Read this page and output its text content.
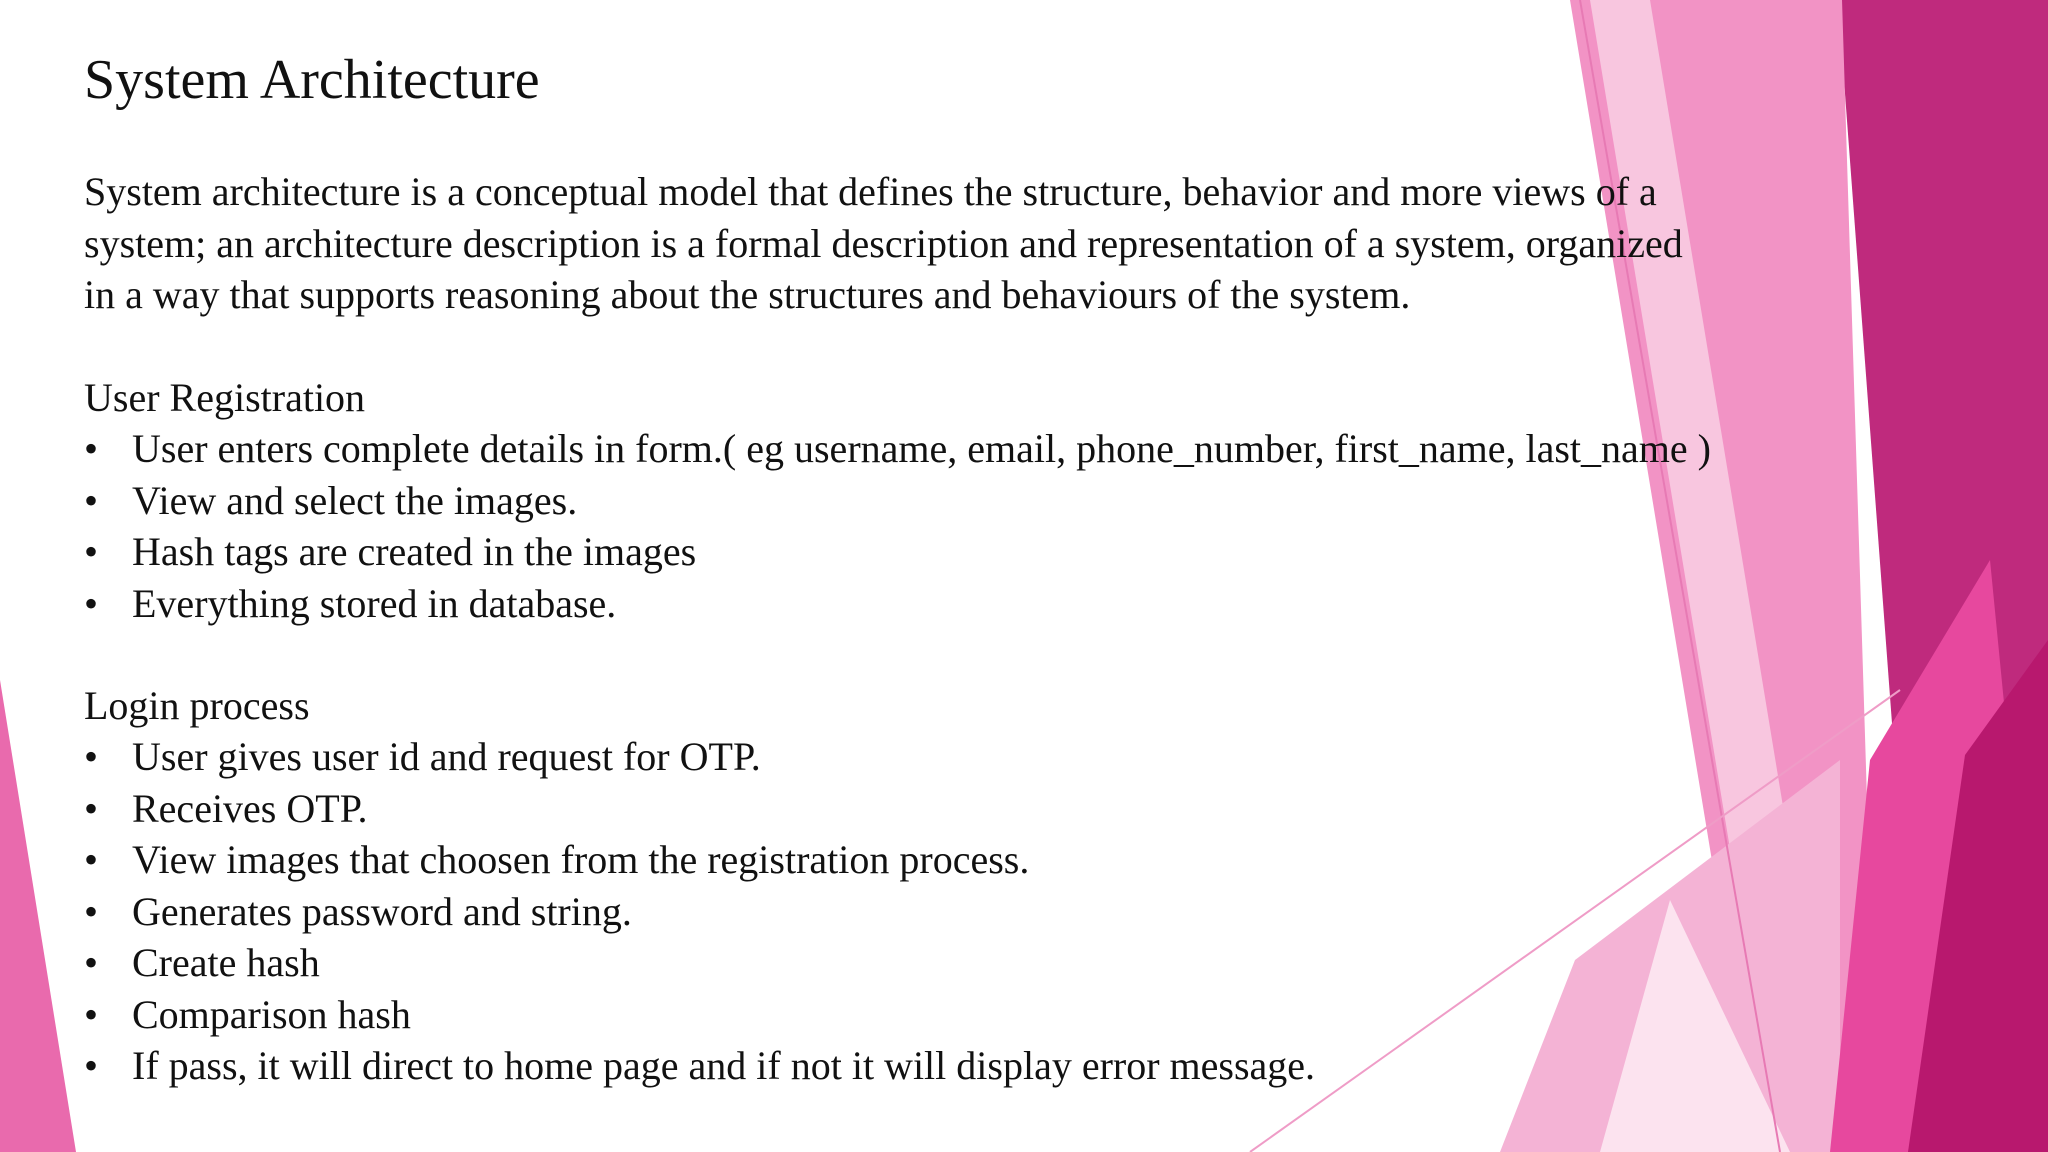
System Architecture

System architecture is a conceptual model that defines the structure, behavior and more views of a
system; an architecture description is a formal description and representation of a system, organized
in a way that supports reasoning about the structures and behaviours of the system.

User Registration
• User enters complete details in form.( eg username, email, phone_number, first_name, last_name )
• View and select the images.
• Hash tags are created in the images
• Everything stored in database.
Login process
• User gives user id and request for OTP.
• Receives OTP.
• View images that choosen from the registration process.
• Generates password and string.
• Create hash
• Comparison hash
• If pass, it will direct to home page and if not it will display error message.
